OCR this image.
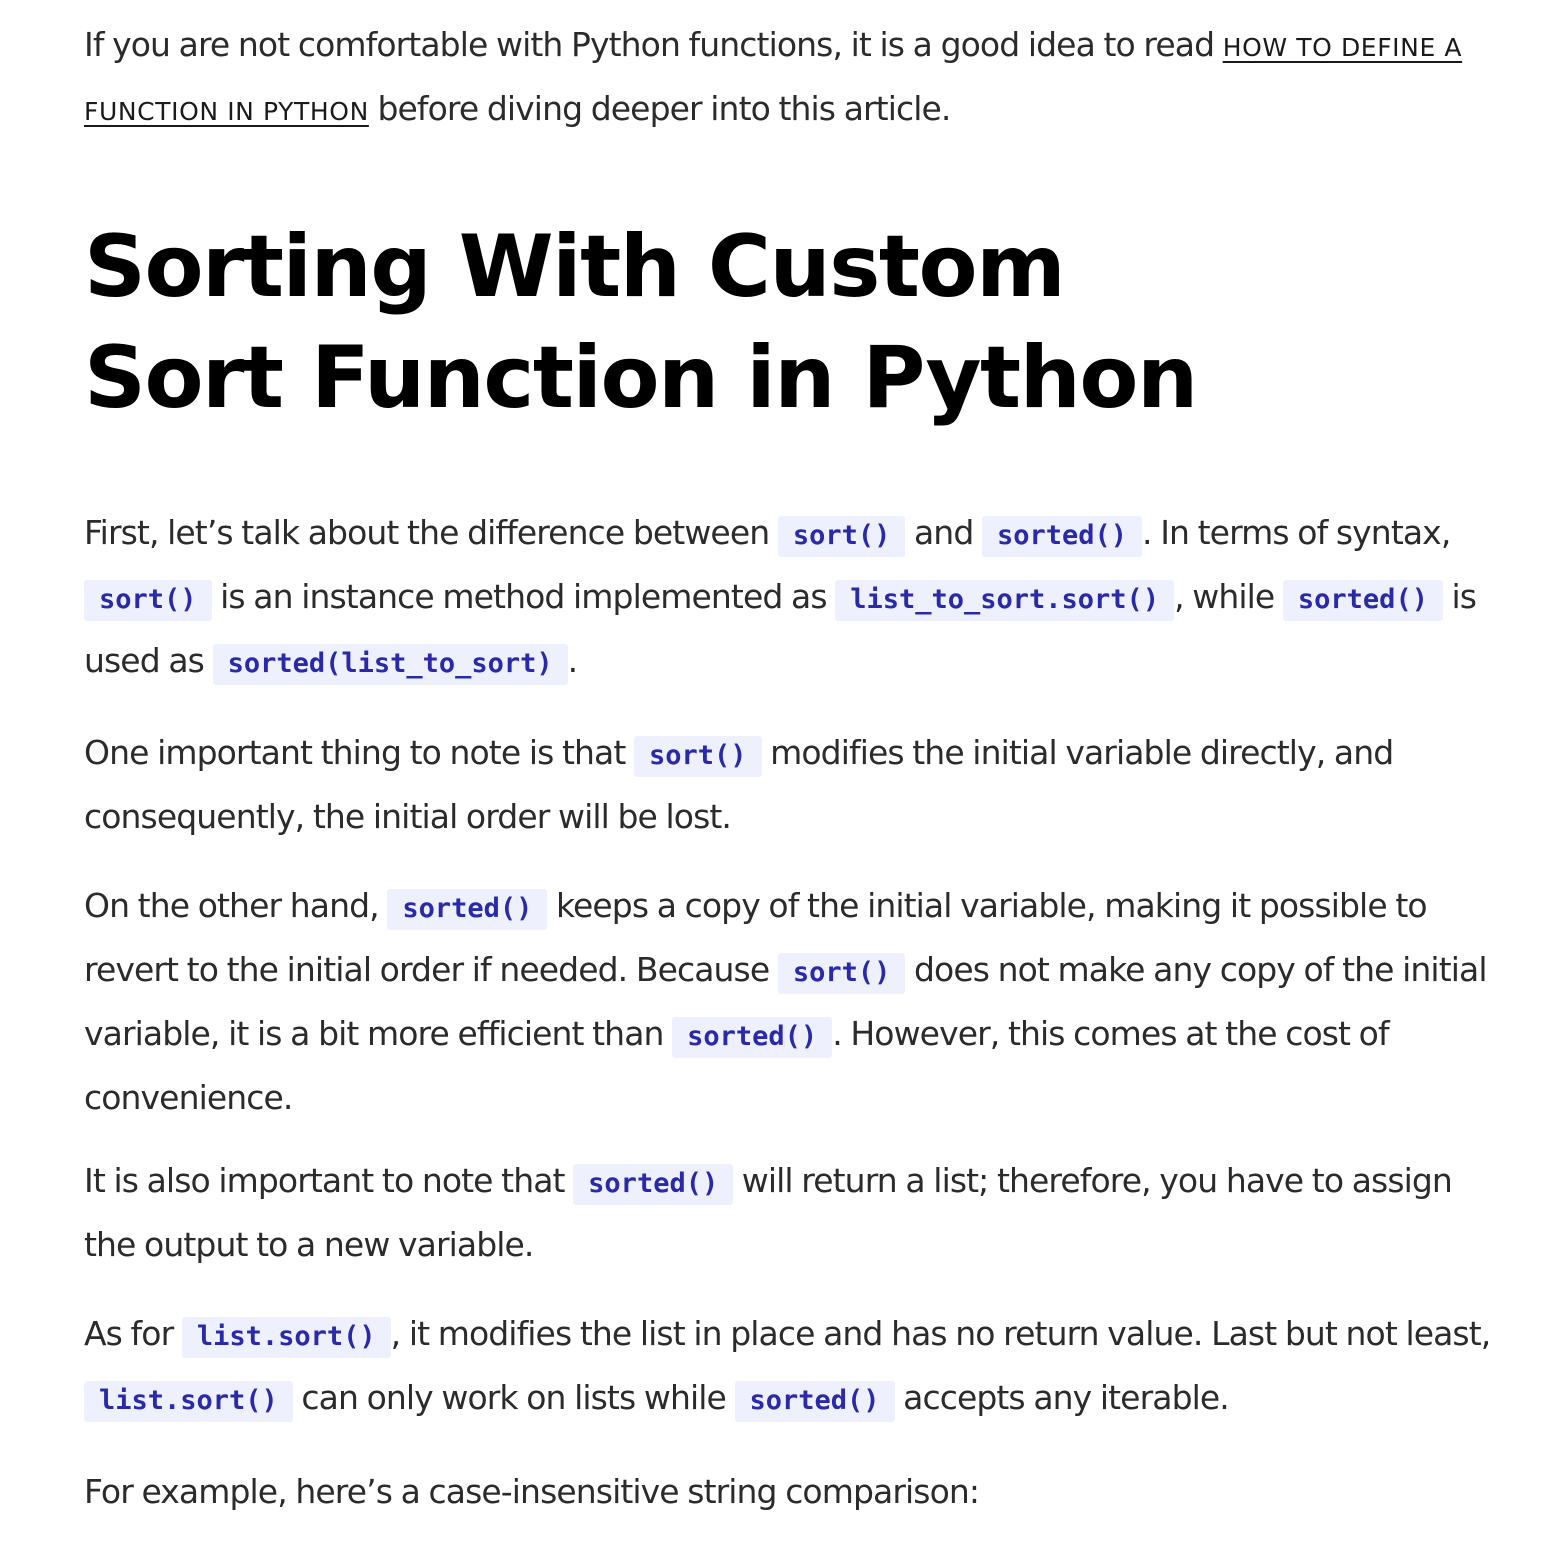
If you are not comfortable with Python functions, it is a good idea to read HOW TO DEFINE A FUNCTION IN PYTHON before diving deeper into this article.

Sorting With Custom Sort Function in Python

First, let’s talk about the difference between sort() and sorted() . In terms of syntax, sort() is an instance method implemented as list_to_sort.sort() , while sorted() is used as sorted(list_to_sort) .

One important thing to note is that sort() modifies the initial variable directly, and consequently, the initial order will be lost.

On the other hand, sorted() keeps a copy of the initial variable, making it possible to revert to the initial order if needed. Because sort() does not make any copy of the initial variable, it is a bit more efficient than sorted() . However, this comes at the cost of convenience.

It is also important to note that sorted() will return a list; therefore, you have to assign the output to a new variable.

As for list.sort() , it modifies the list in place and has no return value. Last but not least, list.sort() can only work on lists while sorted() accepts any iterable.

For example, here’s a case-insensitive string comparison:
